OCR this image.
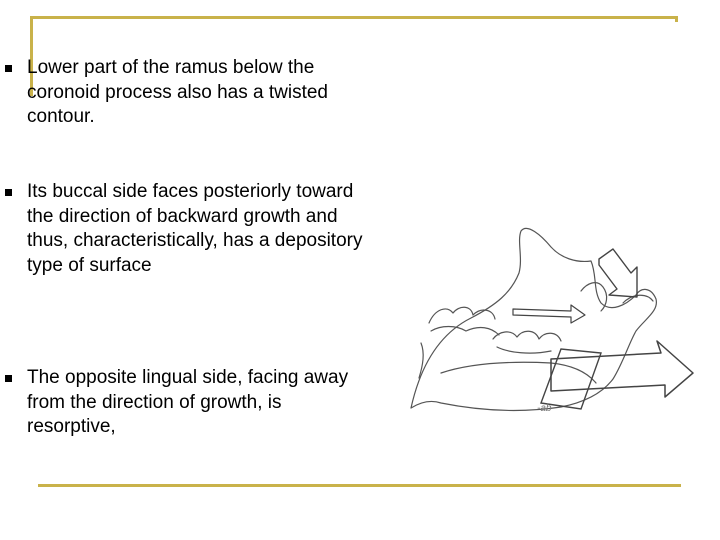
Lower part of the ramus below the coronoid process also has a twisted contour.
Its buccal side faces posteriorly toward the direction of backward growth and thus, characteristically, has a depository type of surface
The opposite lingual side, facing away from the direction of growth, is resorptive,
-ab
